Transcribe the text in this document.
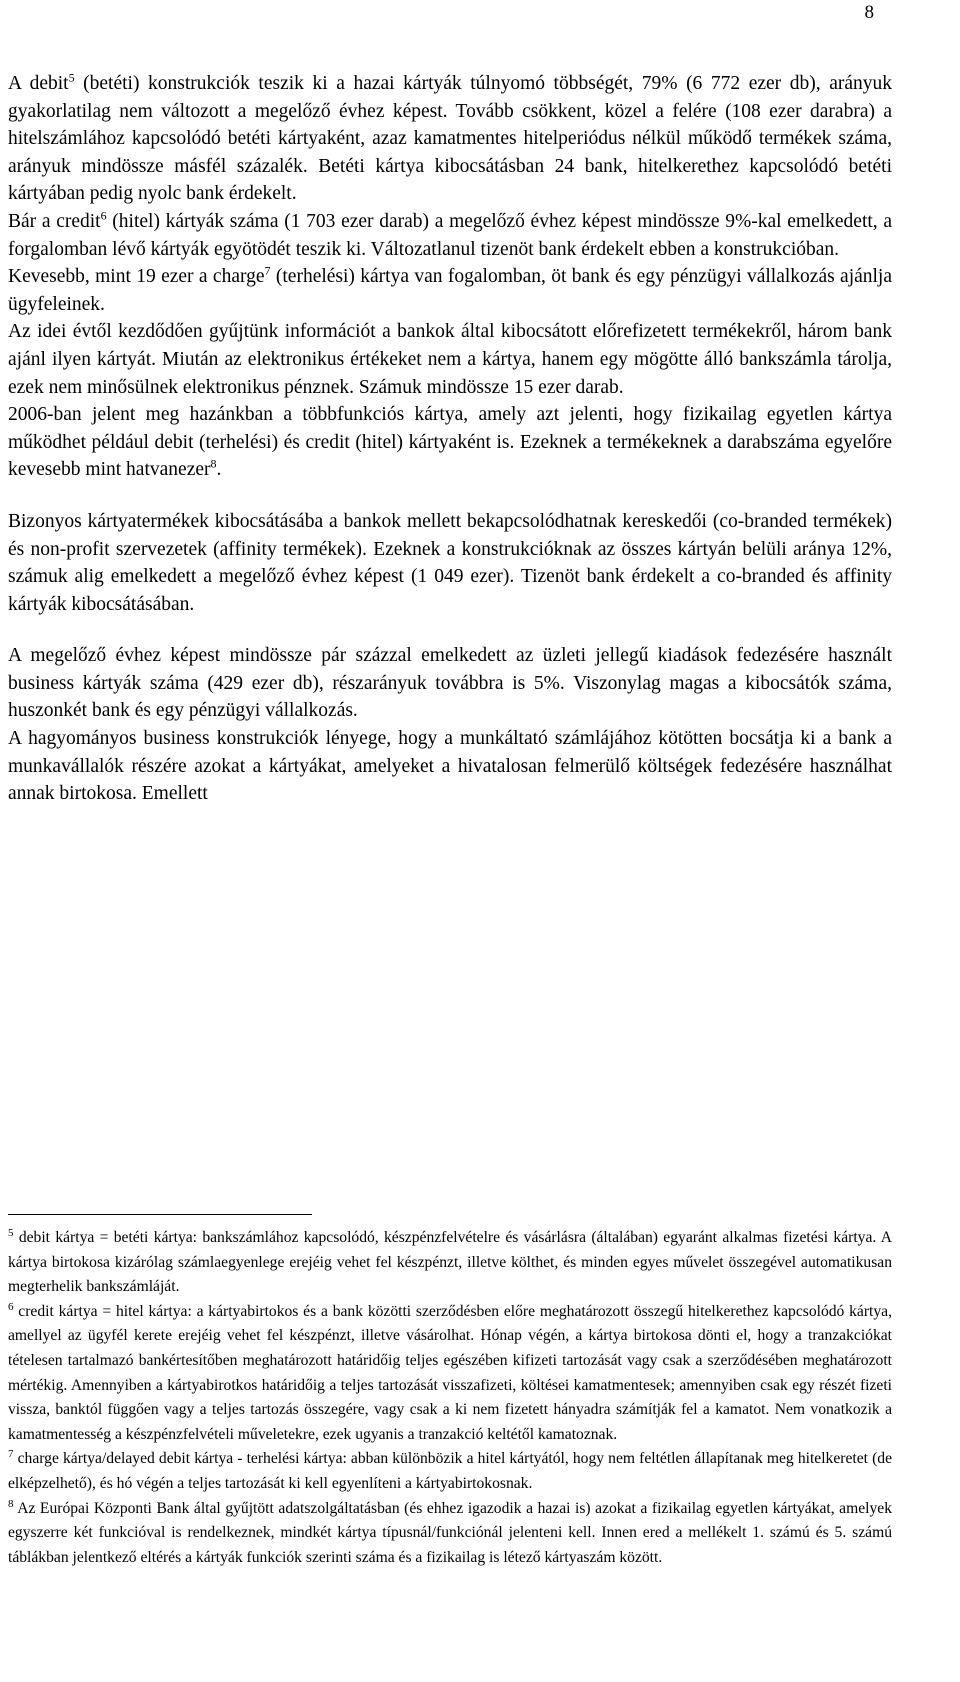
8

A debit$^5$ (betéti) konstrukciók teszik ki a hazai kártyák túlnyomó többségét, 79% (6 772 ezer db), arányuk gyakorlatilag nem változott a megelőző évhez képest. Tovább csökkent, közel a felére (108 ezer darabra) a hitelszámlához kapcsolódó betéti kártyaként, azaz kamatmentes hitelperiódus nélkül működő termékek száma, arányuk mindössze másfél százalék. Betéti kártya kibocsátásban 24 bank, hitelkerethez kapcsolódó betéti kártyában pedig nyolc bank érdekelt.

Bár a credit$^6$ (hitel) kártyák száma (1 703 ezer darab) a megelőző évhez képest mindössze 9%-kal emelkedett, a forgalomban lévő kártyák egyötödét teszik ki. Változatlanul tizenöt bank érdekelt ebben a konstrukcióban.

Kevesebb, mint 19 ezer a charge$^7$ (terhelési) kártya van fogalomban, öt bank és egy pénzügyi vállalkozás ajánlja ügyfeleinek.

Az idei évtől kezdődően gyűjtünk információt a bankok által kibocsátott előrefizetett termékekről, három bank ajánl ilyen kártyát. Miután az elektronikus értékeket nem a kártya, hanem egy mögötte álló bankszámla tárolja, ezek nem minősülnek elektronikus pénznek. Számuk mindössze 15 ezer darab.

2006-ban jelent meg hazánkban a többfunkciós kártya, amely azt jelenti, hogy fizikailag egyetlen kártya működhet például debit (terhelési) és credit (hitel) kártyaként is. Ezeknek a termékeknek a darabszáma egyelőre kevesebb mint hatvanezer$^8$.

Bizonyos kártyatermékek kibocsátásába a bankok mellett bekapcsolódhatnak kereskedői (co-branded termékek) és non-profit szervezetek (affinity termékek). Ezeknek a konstrukcióknak az összes kártyán belüli aránya 12%, számuk alig emelkedett a megelőző évhez képest (1 049 ezer). Tizenöt bank érdekelt a co-branded és affinity kártyák kibocsátásában.

A megelőző évhez képest mindössze pár százzal emelkedett az üzleti jellegű kiadások fedezésére használt business kártyák száma (429 ezer db), részarányuk továbbra is 5%. Viszonylag magas a kibocsátók száma, huszonkét bank és egy pénzügyi vállalkozás.

A hagyományos business konstrukciók lényege, hogy a munkáltató számlájához kötötten bocsátja ki a bank a munkavállalók részére azokat a kártyákat, amelyeket a hivatalosan felmerülő költségek fedezésére használhat annak birtokosa. Emellett

$^5$ debit kártya = betéti kártya: bankszámlához kapcsolódó, készpénzfelvételre és vásárlásra (általában) egyaránt alkalmas fizetési kártya. A kártya birtokosa kizárólag számlaegyenlege erejéig vehet fel készpénzt, illetve költhet, és minden egyes művelet összegével automatikusan megterhelik bankszámláját.

$^6$ credit kártya = hitel kártya: a kártyabirtokos és a bank közötti szerződésben előre meghatározott összegű hitelkerethez kapcsolódó kártya, amellyel az ügyfél kerete erejéig vehet fel készpénzt, illetve vásárolhat. Hónap végén, a kártya birtokosa dönti el, hogy a tranzakciókat tételesen tartalmazó bankértesítőben meghatározott határidőig teljes egészében kifizeti tartozását vagy csak a szerződésében meghatározott mértékig. Amennyiben a kártyabirotkos határidőig a teljes tartozását visszafizeti, költései kamatmentesek; amennyiben csak egy részét fizeti vissza, banktól függően vagy a teljes tartozás összegére, vagy csak a ki nem fizetett hányadra számítják fel a kamatot. Nem vonatkozik a kamatmentesség a készpénzfelvételi műveletekre, ezek ugyanis a tranzakció keltétől kamatoznak.

$^7$ charge kártya/delayed debit kártya - terhelési kártya: abban különbözik a hitel kártyától, hogy nem feltétlen állapítanak meg hitelkeretet (de elképzelhető), és hó végén a teljes tartozását ki kell egyenlíteni a kártyabirtokosnak.

$^8$ Az Európai Központi Bank által gyűjtött adatszolgáltatásban (és ehhez igazodik a hazai is) azokat a fizikailag egyetlen kártyákat, amelyek egyszerre két funkcióval is rendelkeznek, mindkét kártya típusnál/funkciónál jelenteni kell. Innen ered a mellékelt 1. számú és 5. számú táblákban jelentkező eltérés a kártyák funkciók szerinti száma és a fizikailag is létező kártyaszám között.
